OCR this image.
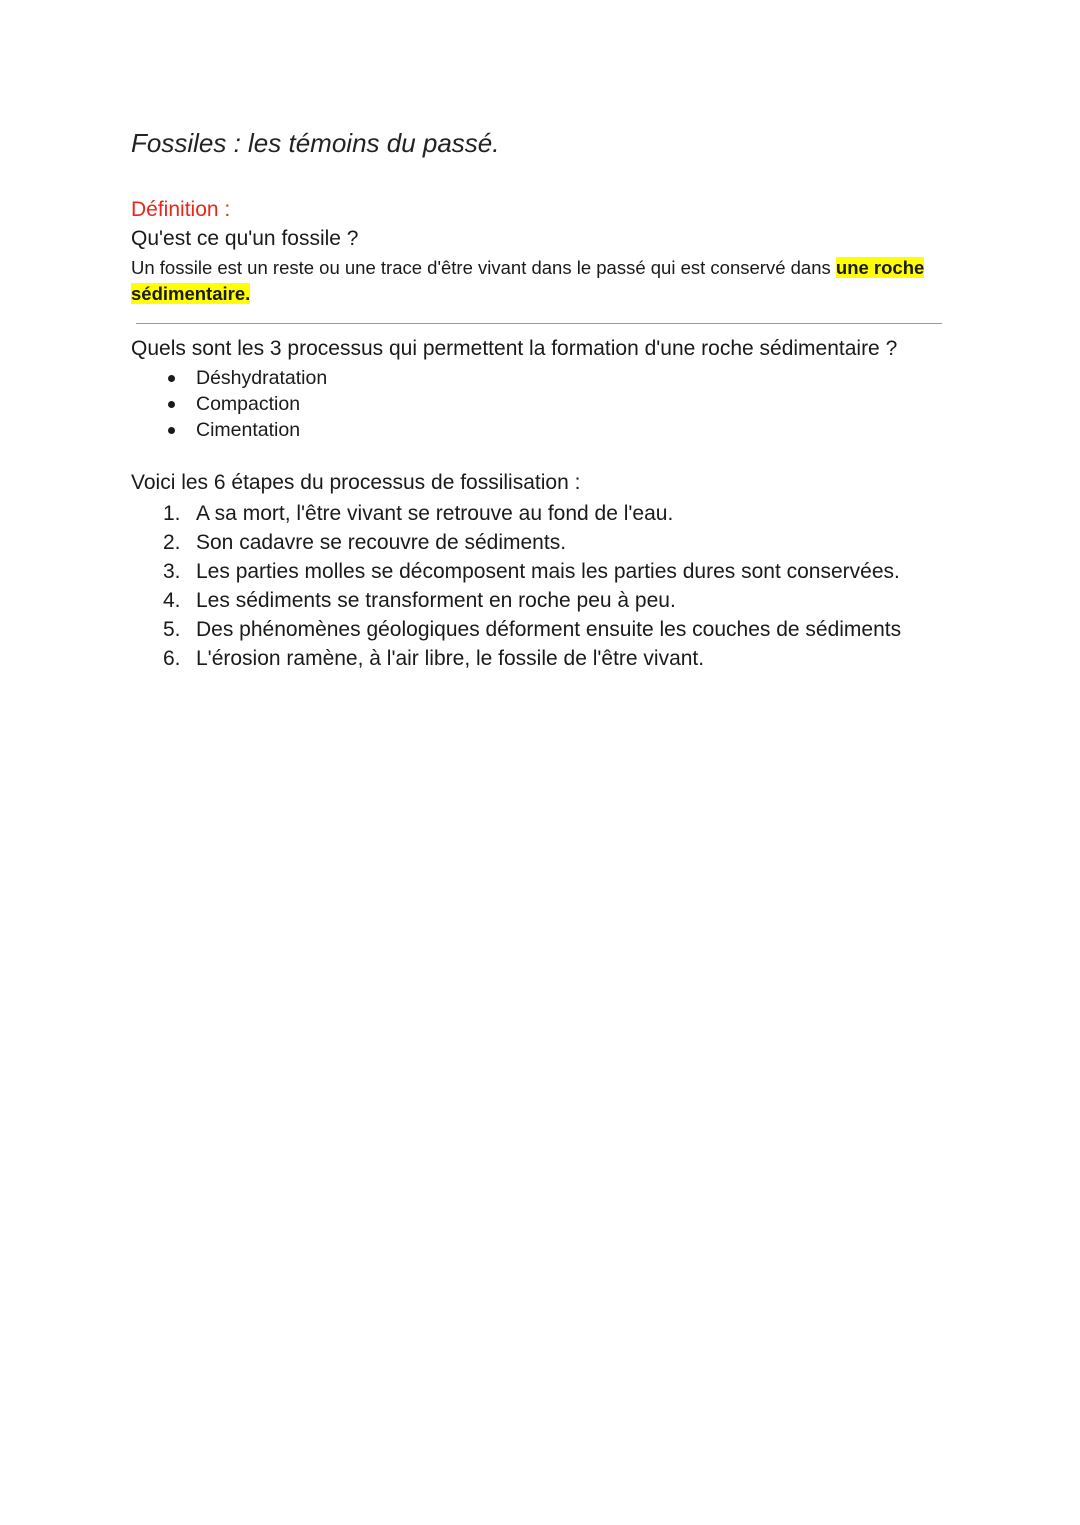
Fossiles : les témoins du passé.
Définition :
Qu'est ce qu'un fossile ?
Un fossile est un reste ou une trace d'être vivant dans le passé qui est conservé dans une roche sédimentaire.
Quels sont les 3 processus qui permettent la formation d'une roche sédimentaire ?
Déshydratation
Compaction
Cimentation
Voici les 6 étapes du processus de fossilisation :
1. A sa mort, l'être vivant se retrouve au fond de l'eau.
2. Son cadavre se recouvre de sédiments.
3. Les parties molles se décomposent mais les parties dures sont conservées.
4. Les sédiments se transforment en roche peu à peu.
5. Des phénomènes géologiques déforment ensuite les couches de sédiments
6. L'érosion ramène, à l'air libre, le fossile de l'être vivant.
